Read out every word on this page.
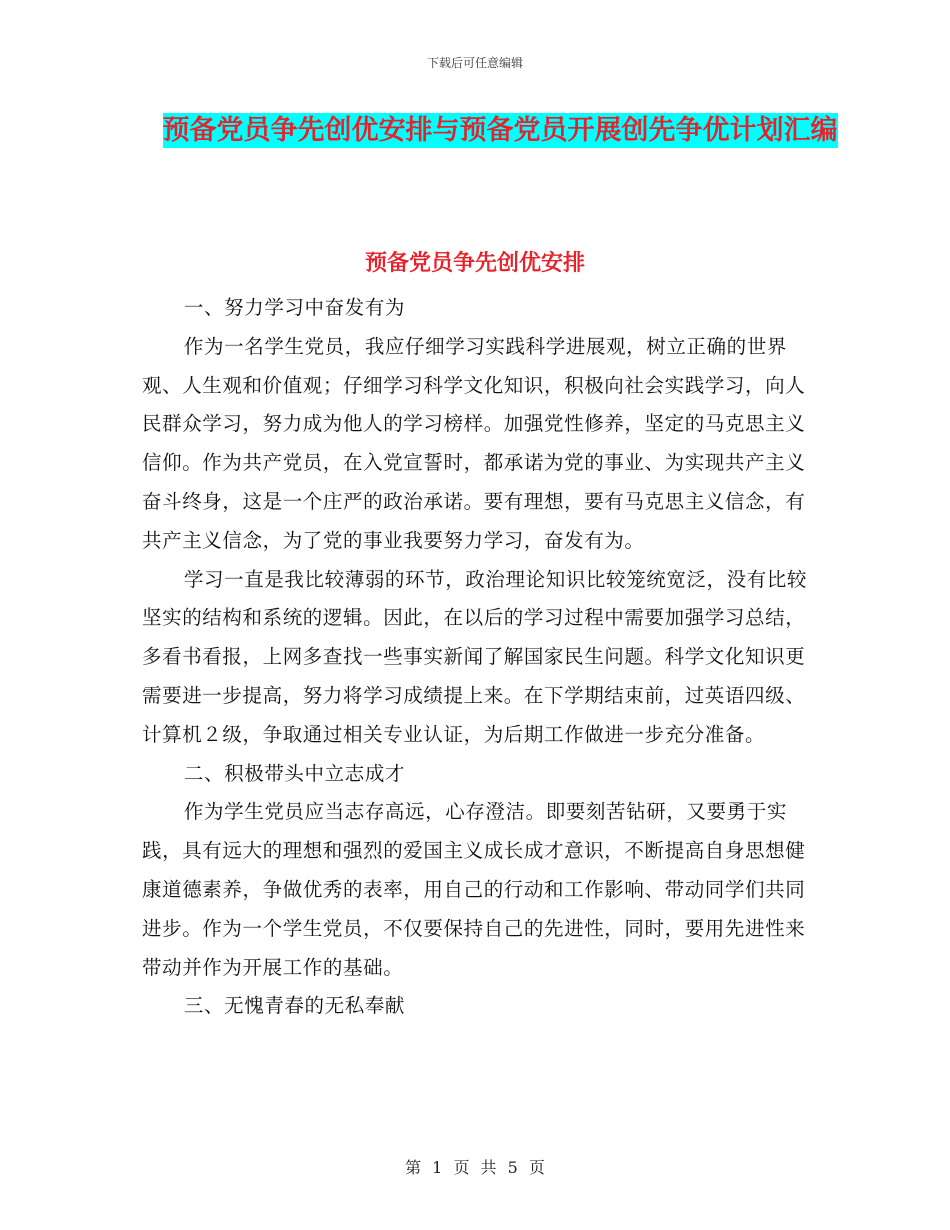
下载后可任意编辑
预备党员争先创优安排与预备党员开展创先争优计划汇编
预备党员争先创优安排

一、努力学习中奋发有为

作为一名学生党员，我应仔细学习实践科学进展观，树立正确的世界观、人生观和价值观；仔细学习科学文化知识，积极向社会实践学习，向人民群众学习，努力成为他人的学习榜样。加强党性修养，坚定的马克思主义信仰。作为共产党员，在入党宣誓时，都承诺为党的事业、为实现共产主义奋斗终身，这是一个庄严的政治承诺。要有理想，要有马克思主义信念，有共产主义信念，为了党的事业我要努力学习，奋发有为。

学习一直是我比较薄弱的环节，政治理论知识比较笼统宽泛，没有比较坚实的结构和系统的逻辑。因此，在以后的学习过程中需要加强学习总结，多看书看报，上网多查找一些事实新闻了解国家民生问题。科学文化知识更需要进一步提高，努力将学习成绩提上来。在下学期结束前，过英语四级、计算机２级，争取通过相关专业认证，为后期工作做进一步充分准备。

二、积极带头中立志成才

作为学生党员应当志存高远，心存澄洁。即要刻苦钻研，又要勇于实践，具有远大的理想和强烈的爱国主义成长成才意识，不断提高自身思想健康道德素养，争做优秀的表率，用自己的行动和工作影响、带动同学们共同进步。作为一个学生党员，不仅要保持自己的先进性，同时，要用先进性来带动并作为开展工作的基础。

三、无愧青春的无私奉献

第 1 页 共 5 页
